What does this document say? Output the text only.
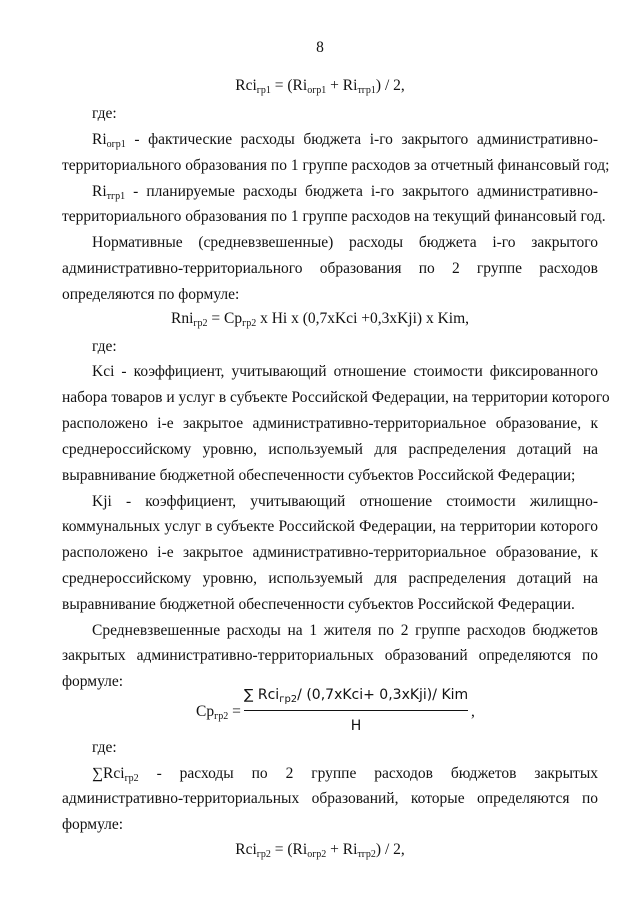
8
$Rci_{гр1} = (Ri_{огр1} + Ri_{тгр1}) / 2$,
где:
$Ri_{огр1}$ - фактические расходы бюджета i-го закрытого административно-
территориального образования по 1 группе расходов за отчетный финансовый год;
$Ri_{тгр1}$ - планируемые расходы бюджета i-го закрытого административно-
территориального образования по 1 группе расходов на текущий финансовый год.
Нормативные (средневзвешенные) расходы бюджета i-го закрытого
административно-территориального образования по 2 группе расходов
определяются по формуле:
$Rni_{гр2} = Cp_{гр2}$ x Hi x (0,7xKci +0,3xKji) x Kim,
где:
Kci - коэффициент, учитывающий отношение стоимости фиксированного
набора товаров и услуг в субъекте Российской Федерации, на территории которого
расположено i-е закрытое административно-территориальное образование, к
среднероссийскому уровню, используемый для распределения дотаций на
выравнивание бюджетной обеспеченности субъектов Российской Федерации;
Kji - коэффициент, учитывающий отношение стоимости жилищно-
коммунальных услуг в субъекте Российской Федерации, на территории которого
расположено i-е закрытое административно-территориальное образование, к
среднероссийскому уровню, используемый для распределения дотаций на
выравнивание бюджетной обеспеченности субъектов Российской Федерации.
Средневзвешенные расходы на 1 жителя по 2 группе расходов бюджетов
закрытых административно-территориальных образований определяются по
формуле:
$Cp_{гр2}$ =
∑ Rci$_{гр2}$/ (0,7xKci+ 0,3xKji)/ Kim
H
,
где:
∑Rci$_{гр2}$ - расходы по 2 группе расходов бюджетов закрытых
административно-территориальных образований, которые определяются по
формуле:
$Rci_{гр2} = (Ri_{огр2} + Ri_{тгр2}) / 2$,
